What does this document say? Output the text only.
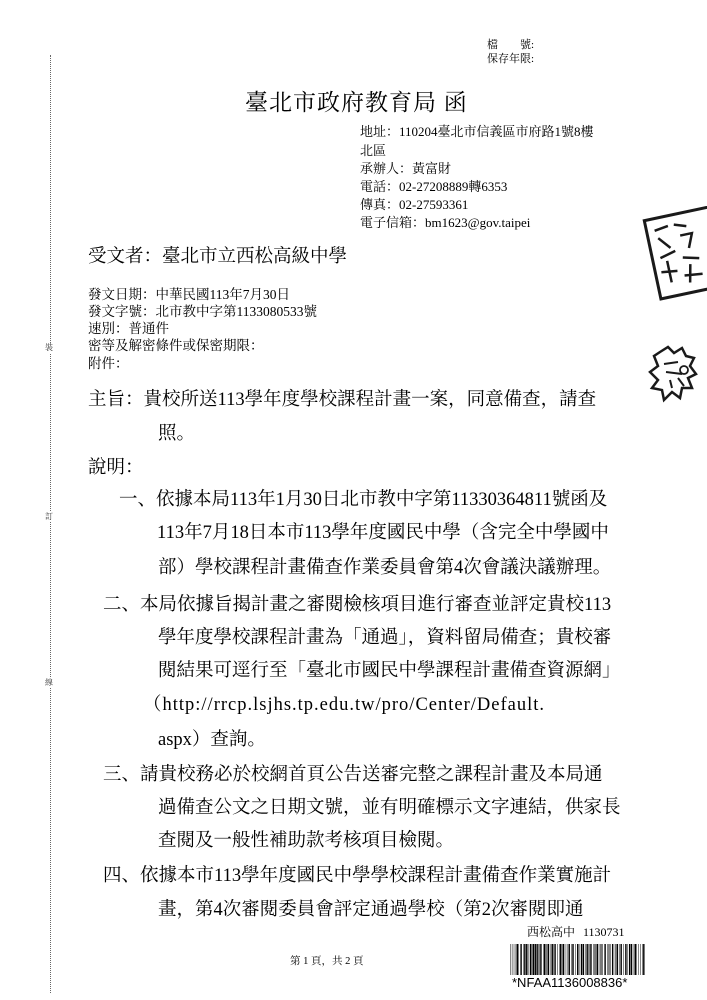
裝
訂
線
檔　　號:
保存年限:
臺北市政府教育局 函
地址：110204臺北市信義區市府路1號8樓
北區
承辦人：黃富財
電話：02-27208889轉6353
傳真：02-27593361
電子信箱：bm1623@gov.taipei
受文者：臺北市立西松高級中學
發文日期：中華民國113年7月30日
發文字號：北市教中字第1133080533號
速別：普通件
密等及解密條件或保密期限：
附件：
主旨：貴校所送113學年度學校課程計畫一案，同意備查，請查
照。
說明：
一、依據本局113年1月30日北市教中字第11330364811號函及
113年7月18日本市113學年度國民中學（含完全中學國中
部）學校課程計畫備查作業委員會第4次會議決議辦理。
二、本局依據旨揭計畫之審閱檢核項目進行審查並評定貴校113
學年度學校課程計畫為「通過」，資料留局備查；貴校審
閱結果可逕行至「臺北市國民中學課程計畫備查資源網」
（http://rrcp.lsjhs.tp.edu.tw/pro/Center/Default.
aspx）查詢。
三、請貴校務必於校網首頁公告送審完整之課程計畫及本局通
過備查公文之日期文號，並有明確標示文字連結，供家長
查閱及一般性補助款考核項目檢閱。
四、依據本市113學年度國民中學學校課程計畫備查作業實施計
畫，第4次審閱委員會評定通過學校（第2次審閱即通
西松高中 1130731
第 1 頁，共 2 頁
*NFAA1136008836*
